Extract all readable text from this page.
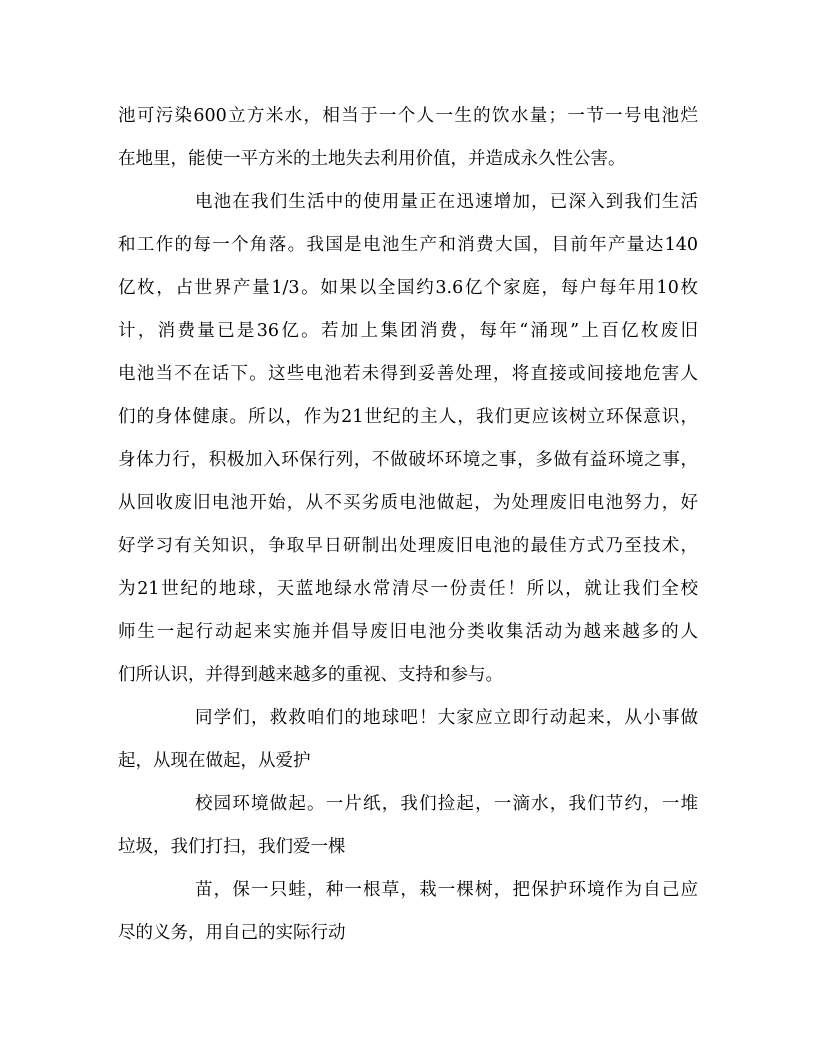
池可污染600立方米水，相当于一个人一生的饮水量；一节一号电池烂
在地里，能使一平方米的土地失去利用价值，并造成永久性公害。
电池在我们生活中的使用量正在迅速增加，已深入到我们生活
和工作的每一个角落。我国是电池生产和消费大国，目前年产量达140
亿枚，占世界产量1/3。如果以全国约3.6亿个家庭，每户每年用10枚
计，消费量已是36亿。若加上集团消费，每年“涌现”上百亿枚废旧
电池当不在话下。这些电池若未得到妥善处理，将直接或间接地危害人
们的身体健康。所以，作为21世纪的主人，我们更应该树立环保意识，
身体力行，积极加入环保行列，不做破坏环境之事，多做有益环境之事，
从回收废旧电池开始，从不买劣质电池做起，为处理废旧电池努力，好
好学习有关知识，争取早日研制出处理废旧电池的最佳方式乃至技术，
为21世纪的地球，天蓝地绿水常清尽一份责任！所以，就让我们全校
师生一起行动起来实施并倡导废旧电池分类收集活动为越来越多的人
们所认识，并得到越来越多的重视、支持和参与。
同学们，救救咱们的地球吧！大家应立即行动起来，从小事做
起，从现在做起，从爱护
校园环境做起。一片纸，我们捡起，一滴水，我们节约，一堆
垃圾，我们打扫，我们爱一棵
苗，保一只蛙，种一根草，栽一棵树，把保护环境作为自己应
尽的义务，用自己的实际行动
